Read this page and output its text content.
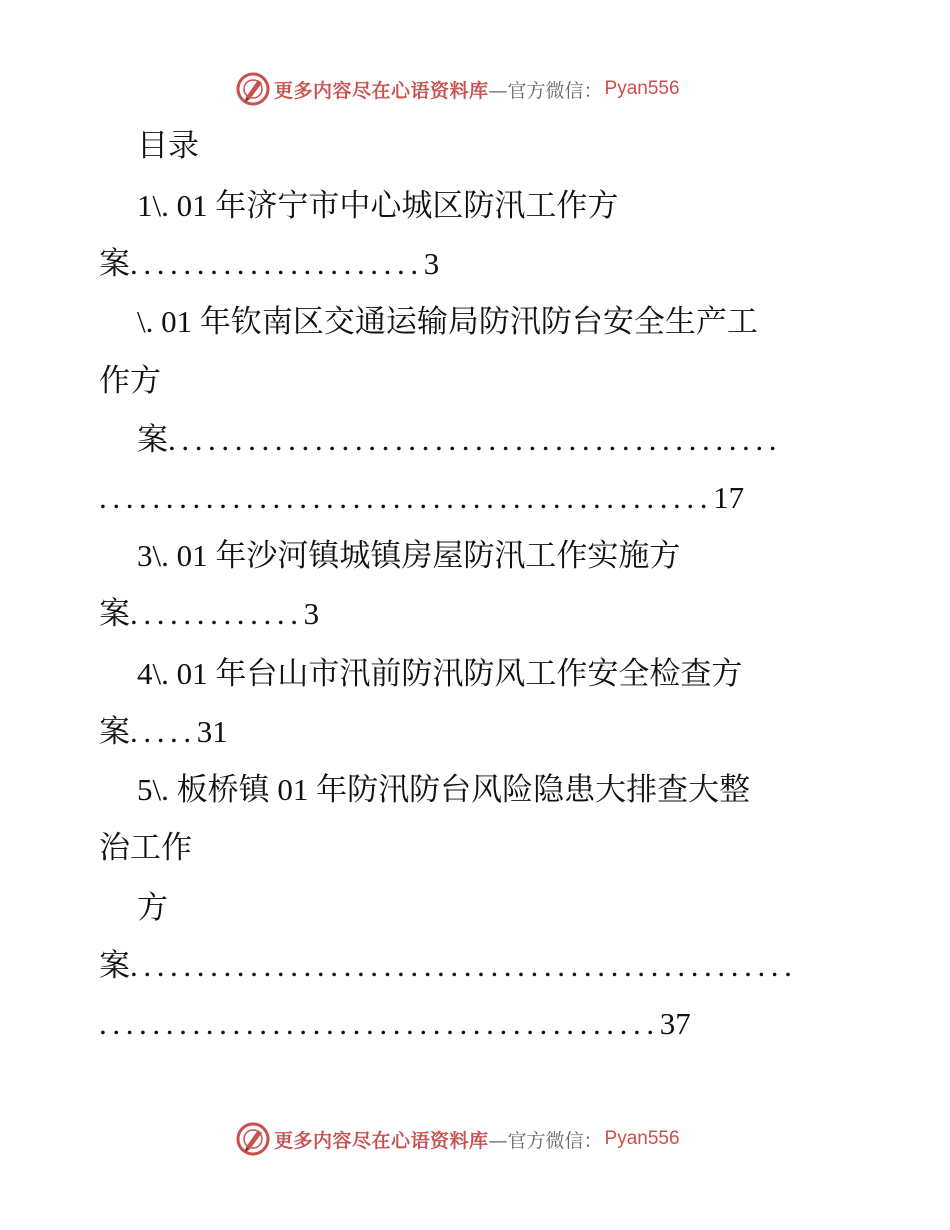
更多内容尽在心语资料库 —官方微信： Pyan556
目录
1\. 01 年济宁市中心城区防汛工作方
案......................3
\. 01 年钦南区交通运输局防汛防台安全生产工
作方
案..............................................
..............................................17
3\. 01 年沙河镇城镇房屋防汛工作实施方
案.............3
4\. 01 年台山市汛前防汛防风工作安全检查方
案.....31
5\. 板桥镇 01 年防汛防台风险隐患大排查大整
治工作
方
案..................................................
..........................................37
更多内容尽在心语资料库 —官方微信： Pyan556
